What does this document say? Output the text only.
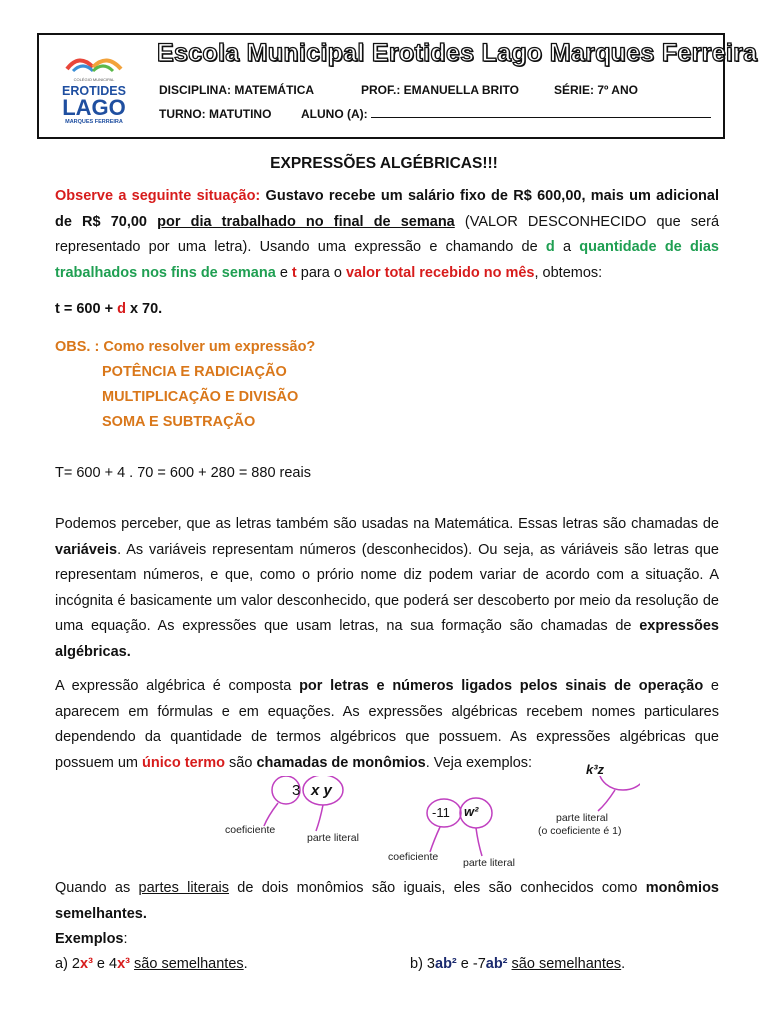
COLÉGIO MUNICIPAL
EROTIDES
LAGO
MARQUES FERREIRA
Escola Municipal Erotides Lago Marques Ferreira
DISCIPLINA: MATEMÁTICA	PROF.: EMANUELLA BRITO	SÉRIE: 7º ANO
TURNO: MATUTINO ALUNO (A):
EXPRESSÕES ALGÉBRICAS!!!
Observe a seguinte situação: Gustavo recebe um salário fixo de R$ 600,00, mais um adicional de R$ 70,00 por dia trabalhado no final de semana (VALOR DESCONHECIDO que será representado por uma letra). Usando uma expressão e chamando de d a quantidade de dias trabalhados nos fins de semana e t para o valor total recebido no mês, obtemos:
t = 600 + d x 70.
OBS. : Como resolver um expressão?
POTÊNCIA E RADICIAÇÃO
MULTIPLICAÇÃO E DIVISÃO
SOMA E SUBTRAÇÃO
T= 600 + 4 . 70 = 600 + 280 = 880 reais
Podemos perceber, que as letras também são usadas na Matemática. Essas letras são chamadas de variáveis. As variáveis representam números (desconhecidos). Ou seja, as váriáveis são letras que representam números, e que, como o prório nome diz podem variar de acordo com a situação. A incógnita é basicamente um valor desconhecido, que poderá ser descoberto por meio da resolução de uma equação. As expressões que usam letras, na sua formação são chamadas de expressões algébricas.
A expressão algébrica é composta por letras e números ligados pelos sinais de operação e aparecem em fórmulas e em equações. As expressões algébricas recebem nomes particulares dependendo da quantidade de termos algébricos que possuem. As expressões algébricas que possuem um único termo são chamadas de monômios. Veja exemplos:
3 x y
coeficiente
parte literal
-11 w²
coeficiente parte literal
k³z
parte literal
(o coeficiente é 1)
Quando as partes literais de dois monômios são iguais, eles são conhecidos como monômios semelhantes.
Exemplos:
a) 2x³ e 4x³ são semelhantes.	b) 3ab² e -7ab² são semelhantes.
